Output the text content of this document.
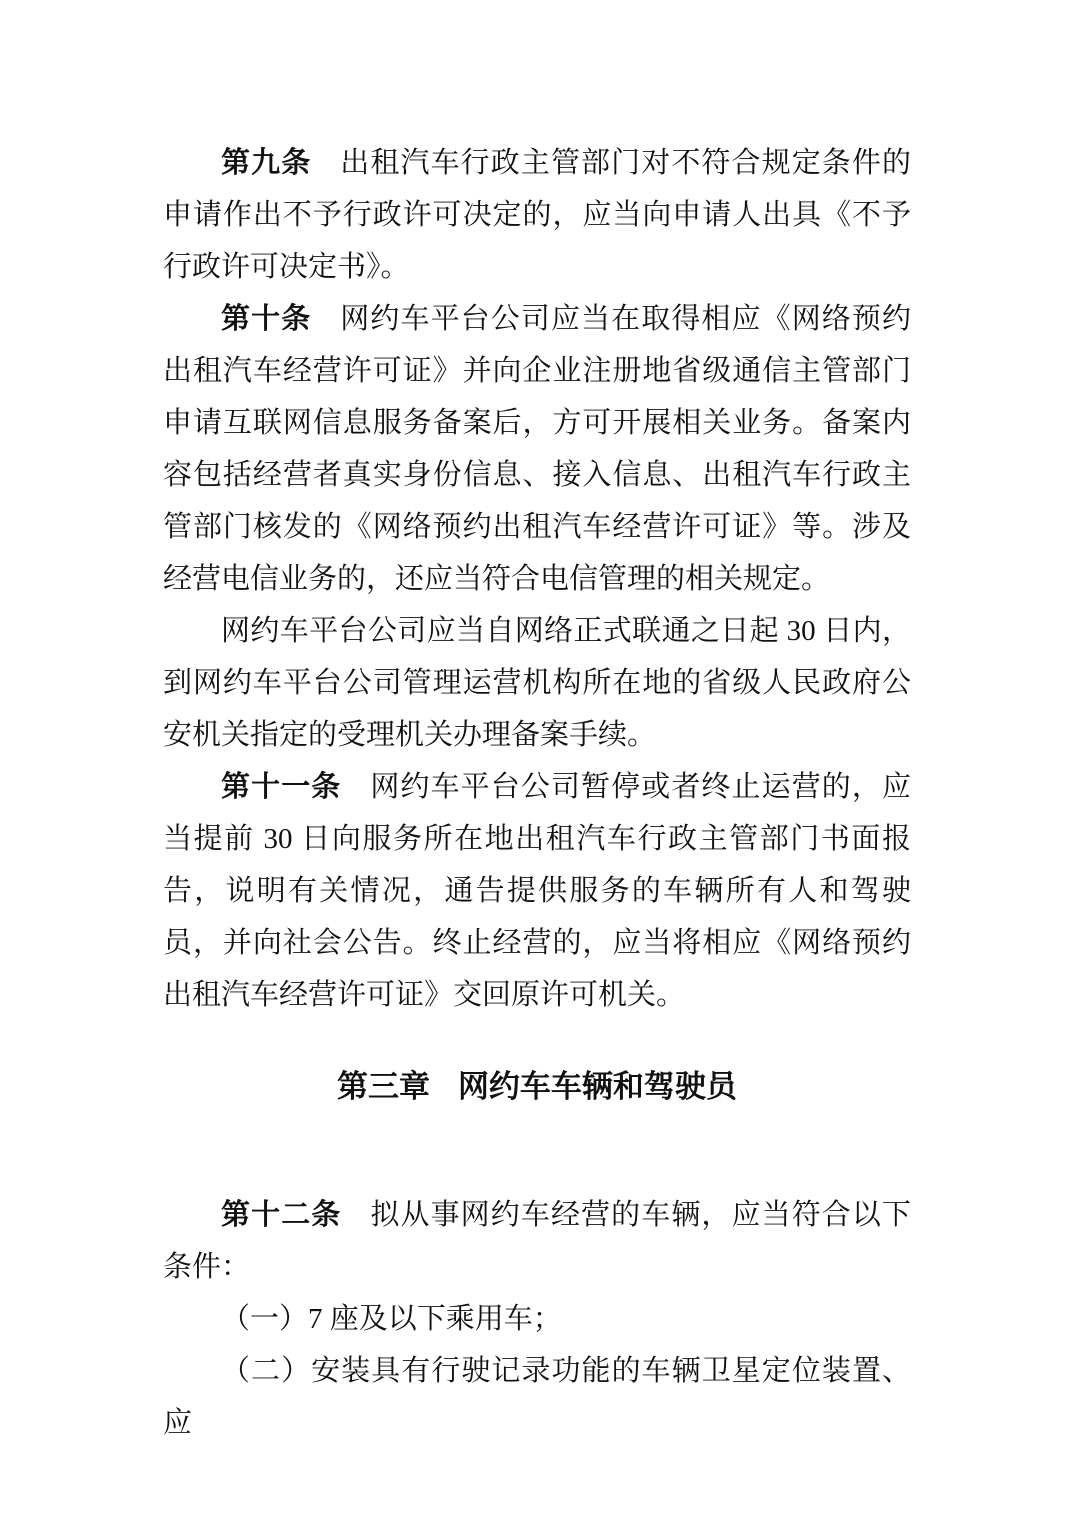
第九条 出租汽车行政主管部门对不符合规定条件的申请作出不予行政许可决定的，应当向申请人出具《不予行政许可决定书》。

第十条 网约车平台公司应当在取得相应《网络预约出租汽车经营许可证》并向企业注册地省级通信主管部门申请互联网信息服务备案后，方可开展相关业务。备案内容包括经营者真实身份信息、接入信息、出租汽车行政主管部门核发的《网络预约出租汽车经营许可证》等。涉及经营电信业务的，还应当符合电信管理的相关规定。

网约车平台公司应当自网络正式联通之日起 30 日内，到网约车平台公司管理运营机构所在地的省级人民政府公安机关指定的受理机关办理备案手续。

第十一条 网约车平台公司暂停或者终止运营的，应当提前 30 日向服务所在地出租汽车行政主管部门书面报告，说明有关情况，通告提供服务的车辆所有人和驾驶员，并向社会公告。终止经营的，应当将相应《网络预约出租汽车经营许可证》交回原许可机关。

第三章 网约车车辆和驾驶员

第十二条 拟从事网约车经营的车辆，应当符合以下条件：

（一）7 座及以下乘用车；

（二）安装具有行驶记录功能的车辆卫星定位装置、应
